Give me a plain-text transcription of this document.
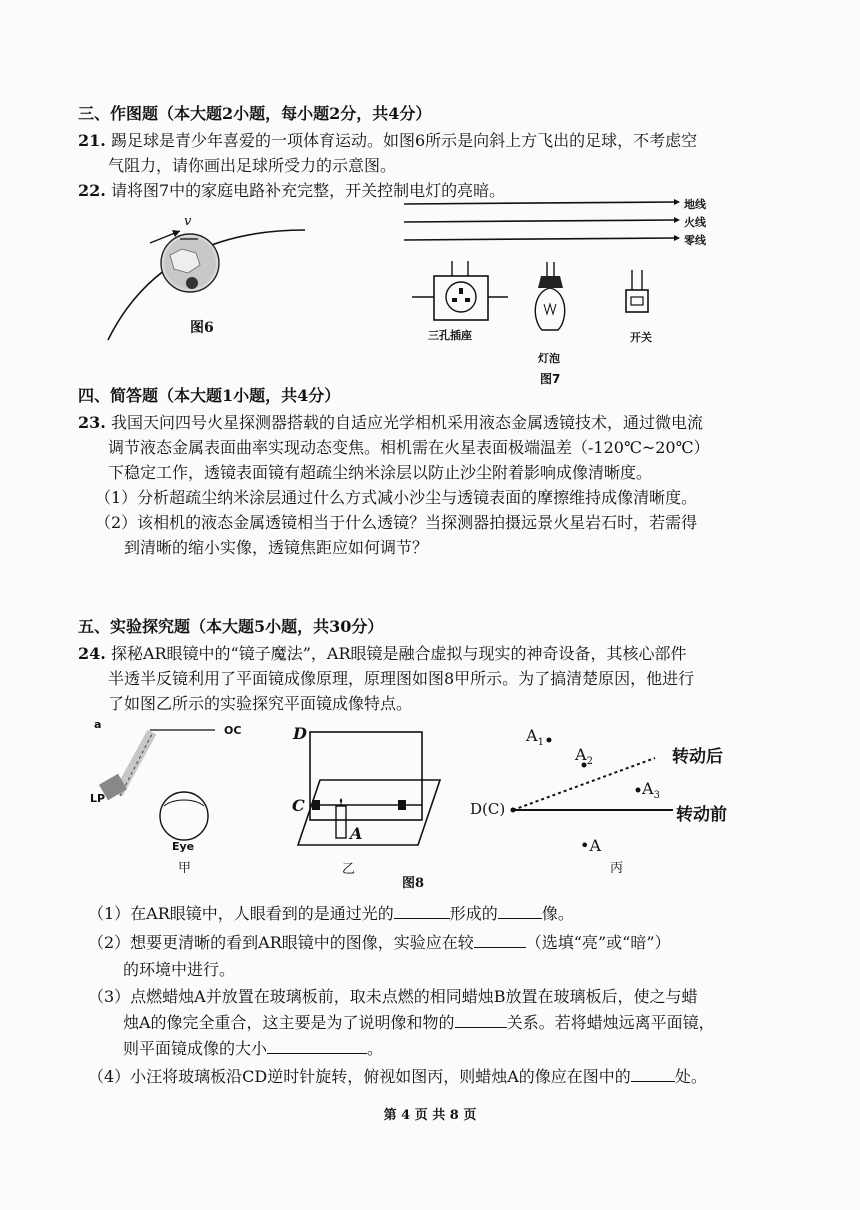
三、作图题（本大题2小题，每小题2分，共4分）
21. 踢足球是青少年喜爱的一项体育运动。如图6所示是向斜上方飞出的足球，不考虑空
气阻力，请你画出足球所受力的示意图。
22. 请将图7中的家庭电路补充完整，开关控制电灯的亮暗。
v
图6
地线
火线
零线
三孔插座
灯泡
开关
图7
四、简答题（本大题1小题，共4分）
23. 我国天问四号火星探测器搭载的自适应光学相机采用液态金属透镜技术，通过微电流
调节液态金属表面曲率实现动态变焦。相机需在火星表面极端温差（-120℃~20℃）
下稳定工作，透镜表面镜有超疏尘纳米涂层以防止沙尘附着影响成像清晰度。
（1）分析超疏尘纳米涂层通过什么方式减小沙尘与透镜表面的摩擦维持成像清晰度。
（2）该相机的液态金属透镜相当于什么透镜？当探测器拍摄远景火星岩石时，若需得
到清晰的缩小实像，透镜焦距应如何调节？
五、实验探究题（本大题5小题，共30分）
24. 探秘AR眼镜中的“镜子魔法”，AR眼镜是融合虚拟与现实的神奇设备，其核心部件
半透半反镜利用了平面镜成像原理，原理图如图8甲所示。为了搞清楚原因，他进行
了如图乙所示的实验探究平面镜成像特点。
a	OC
LP
Eye
甲
D
C
A
乙
图8
$A_1$
$A_2$
$A_3$
•A
D(C)
转动后
转动前
丙
（1）在AR眼镜中，人眼看到的是通过光的	形成的	像。
（2）想要更清晰的看到AR眼镜中的图像，实验应在较	（选填“亮”或“暗”）
的环境中进行。
（3）点燃蜡烛A并放置在玻璃板前，取未点燃的相同蜡烛B放置在玻璃板后，使之与蜡
烛A的像完全重合，这主要是为了说明像和物的	关系。若将蜡烛远离平面镜，
则平面镜成像的大小	。
（4）小汪将玻璃板沿CD逆时针旋转，俯视如图丙，则蜡烛A的像应在图中的	处。
第 4 页 共 8 页
